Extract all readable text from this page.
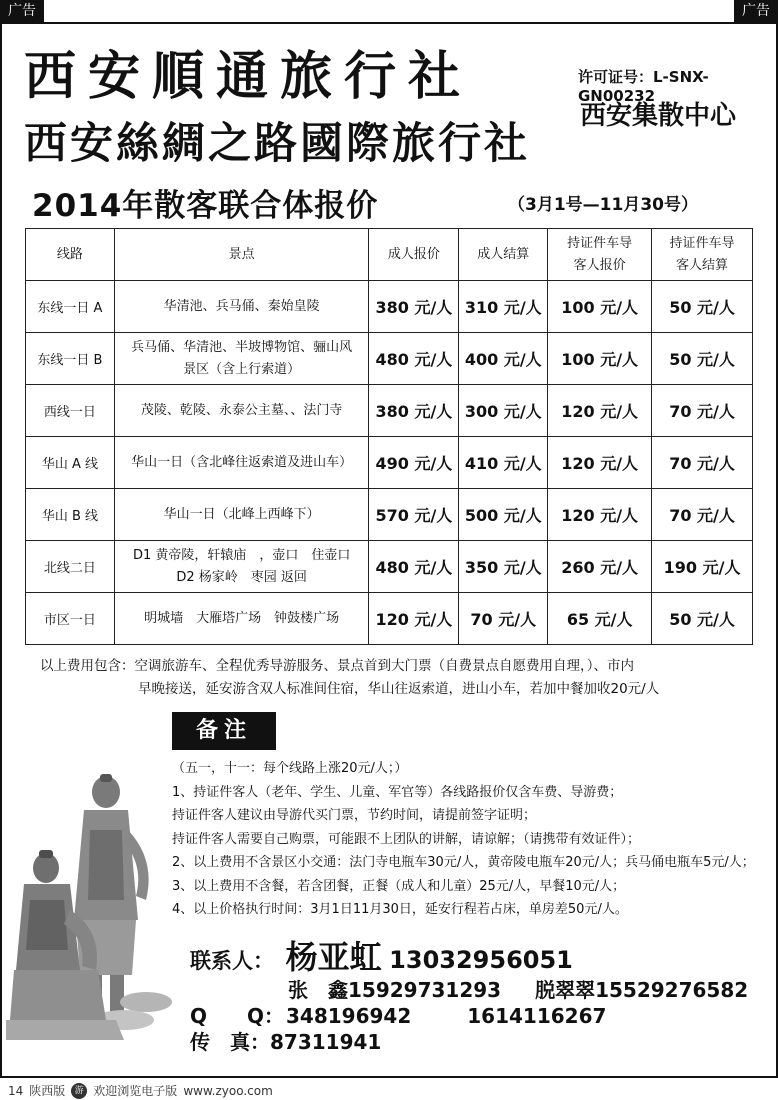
广告	广告
西安順通旅行社
西安絲綢之路國際旅行社
许可证号：L-SNX-GN00232
西安集散中心
2014年散客联合体报价	（3月1号—11月30号）
线路	景点	成人报价	成人结算	持证件车导客人报价	持证件车导客人结算
东线一日 A	华清池、兵马俑、秦始皇陵	380 元/人	310 元/人	100 元/人	50 元/人
东线一日 B	兵马俑、华清池、半坡博物馆、骊山风景区（含上行索道）	480 元/人	400 元/人	100 元/人	50 元/人
西线一日	茂陵、乾陵、永泰公主墓、、法门寺	380 元/人	300 元/人	120 元/人	70 元/人
华山 A 线	华山一日（含北峰往返索道及进山车）	490 元/人	410 元/人	120 元/人	70 元/人
华山 B 线	华山一日（北峰上西峰下）	570 元/人	500 元/人	120 元/人	70 元/人
北线二日	D1 黄帝陵，轩辕庙　，壶口　住壶口　D2 杨家岭　枣园 返回	480 元/人	350 元/人	260 元/人	190 元/人
市区一日	明城墙　大雁塔广场　钟鼓楼广场	120 元/人	70 元/人	65 元/人	50 元/人
以上费用包含：空调旅游车、全程优秀导游服务、景点首到大门票（自费景点自愿费用自理，）、市内
早晚接送，延安游含双人标准间住宿，华山往返索道，进山小车，若加中餐加收20元/人
备注
（五一，十一：每个线路上涨20元/人；）
1、持证件客人（老年、学生、儿童、军官等）各线路报价仅含车费、导游费；
持证件客人建议由导游代买门票，节约时间，请提前签字证明；
持证件客人需要自己购票，可能跟不上团队的讲解，请谅解；（请携带有效证件）；
2、以上费用不含景区小交通：法门寺电瓶车30元/人，黄帝陵电瓶车20元/人；兵马俑电瓶车5元/人；
3、以上费用不含餐，若含团餐，正餐（成人和儿童）25元/人，早餐10元/人；
4、以上价格执行时间：3月1日11月30日，延安行程若占床，单房差50元/人。
联系人： 杨亚虹 13032956051
张　鑫15929731293 脱翠翠15529276582
Q　　Q：348196942	1614116267
传　真：87311941
14 陕西版	游 欢迎浏览电子版 www.zyoo.com
